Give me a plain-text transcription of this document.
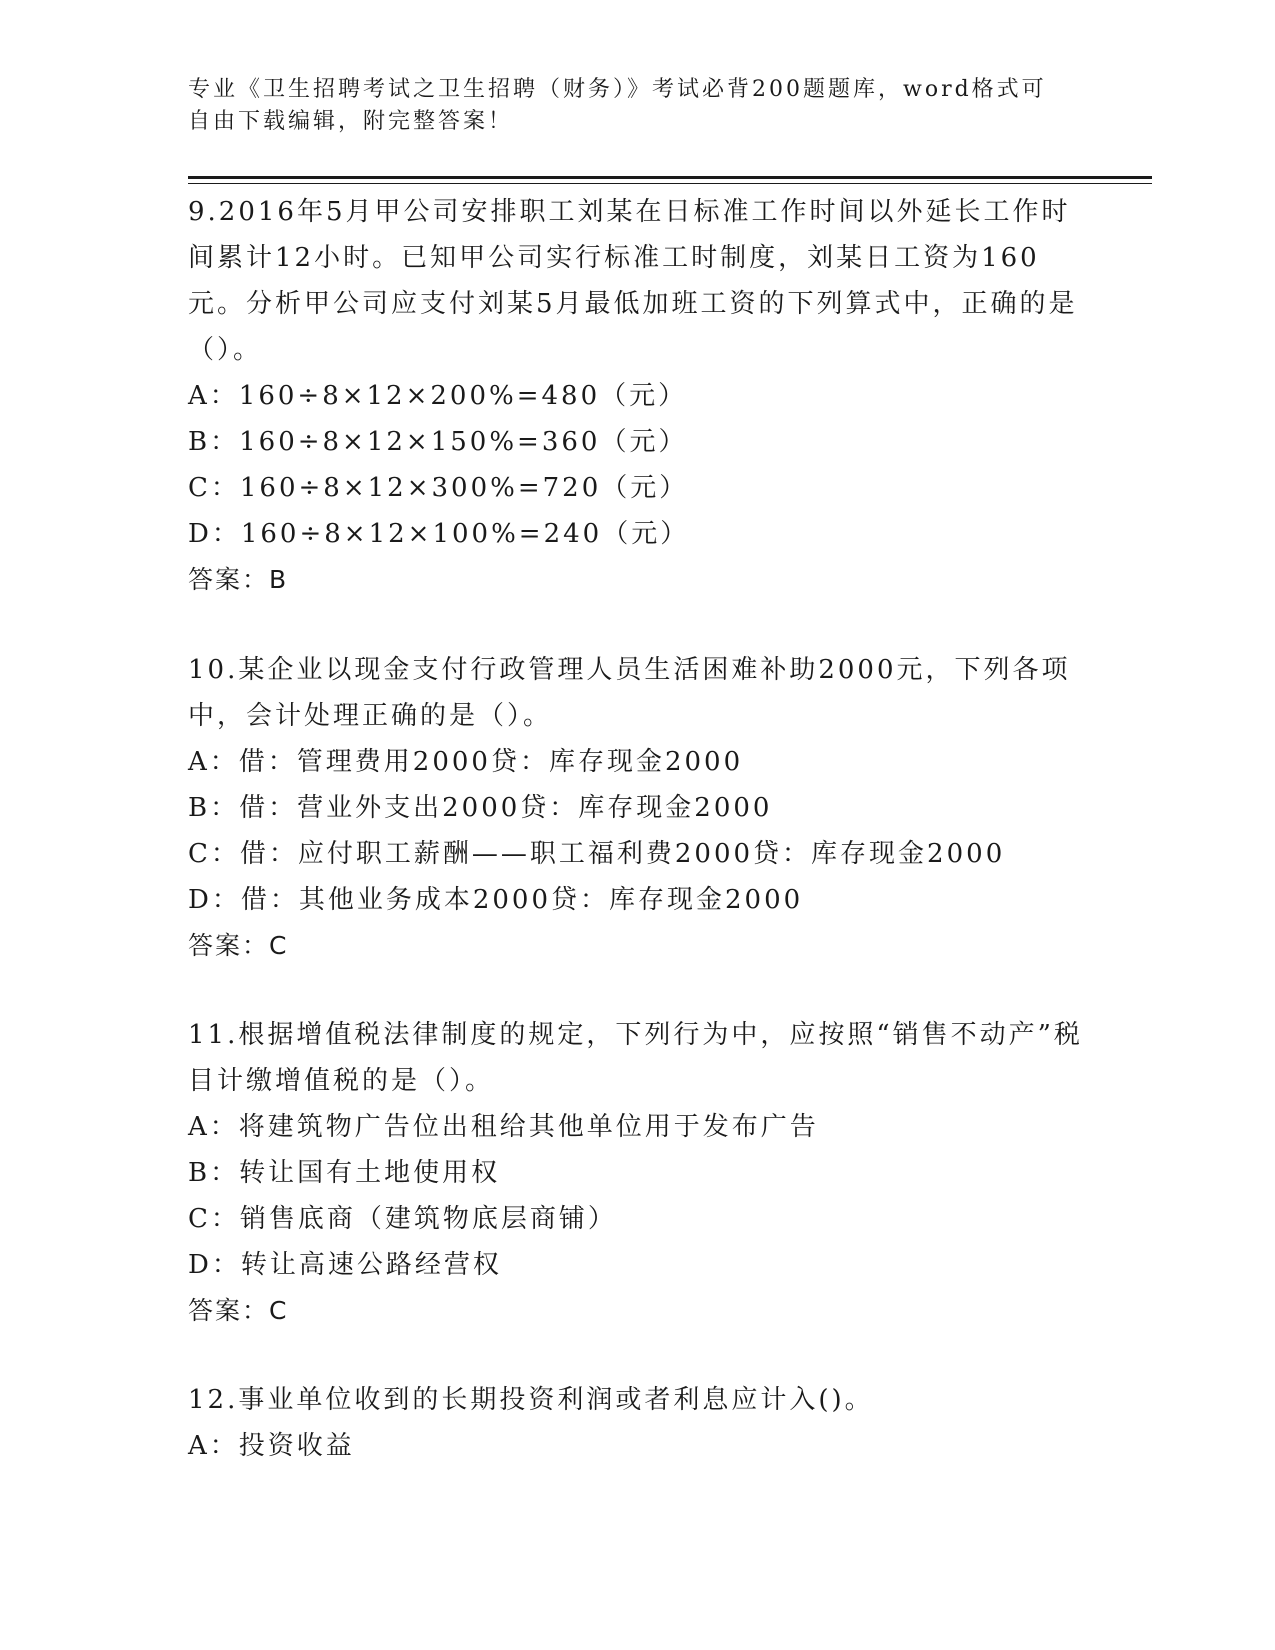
专业《卫生招聘考试之卫生招聘（财务）》考试必背200题题库，word格式可自由下载编辑，附完整答案！
9.2016年5月甲公司安排职工刘某在日标准工作时间以外延长工作时间累计12小时。已知甲公司实行标准工时制度，刘某日工资为160元。分析甲公司应支付刘某5月最低加班工资的下列算式中，正确的是（）。
A：160÷8×12×200%=480（元）
B：160÷8×12×150%=360（元）
C：160÷8×12×300%=720（元）
D：160÷8×12×100%=240（元）
答案：B
10.某企业以现金支付行政管理人员生活困难补助2000元，下列各项中，会计处理正确的是（）。
A：借：管理费用2000贷：库存现金2000
B：借：营业外支出2000贷：库存现金2000
C：借：应付职工薪酬——职工福利费2000贷：库存现金2000
D：借：其他业务成本2000贷：库存现金2000
答案：C
11.根据增值税法律制度的规定，下列行为中，应按照“销售不动产”税目计缴增值税的是（）。
A：将建筑物广告位出租给其他单位用于发布广告
B：转让国有土地使用权
C：销售底商（建筑物底层商铺）
D：转让高速公路经营权
答案：C
12.事业单位收到的长期投资利润或者利息应计入()。
A：投资收益
